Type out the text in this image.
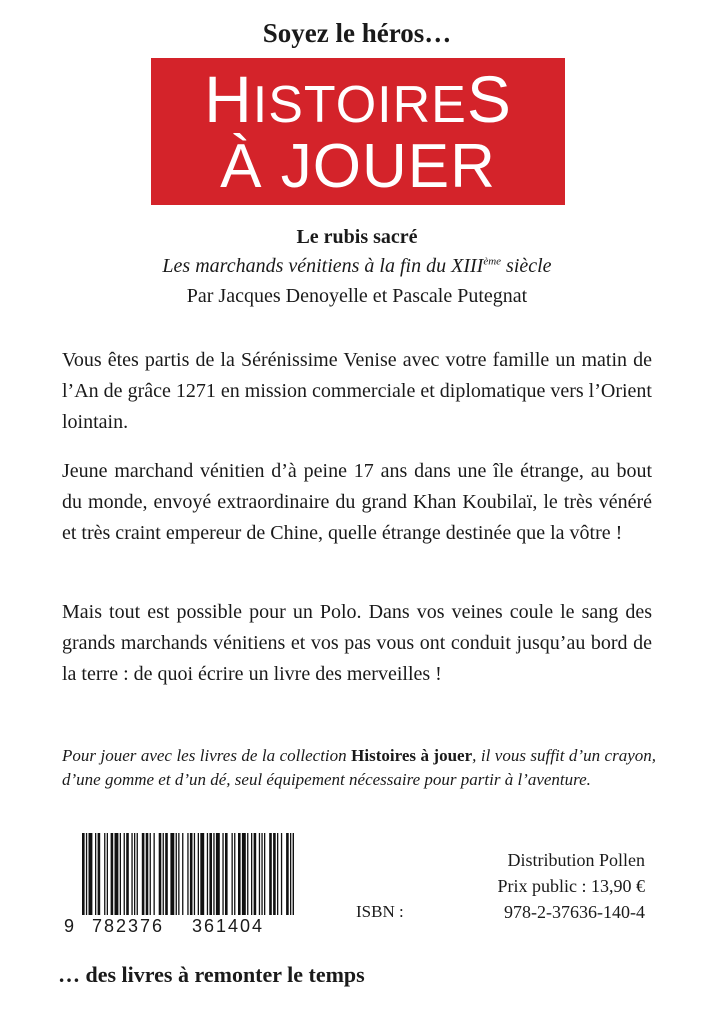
Soyez le héros…
HISTOIRES
À JOUER
Le rubis sacré
Les marchands vénitiens à la fin du XIIIème siècle
Par Jacques Denoyelle et Pascale Putegnat

Vous êtes partis de la Sérénissime Venise avec votre famille un matin de l’An de grâce 1271 en mission commerciale et diplomatique vers l’Orient lointain.

Jeune marchand vénitien d’à peine 17 ans dans une île étrange, au bout du monde, envoyé extraordinaire du grand Khan Koubilaï, le très vénéré et très craint empereur de Chine, quelle étrange destinée que la vôtre !

Mais tout est possible pour un Polo. Dans vos veines coule le sang des grands marchands vénitiens et vos pas vous ont conduit jusqu’au bord de la terre : de quoi écrire un livre des merveilles !

Pour jouer avec les livres de la collection Histoires à jouer, il vous suffit d’un crayon, d’une gomme et d’un dé, seul équipement nécessaire pour partir à l’aventure.

9 782376 361404
ISBN :
Distribution Pollen
Prix public : 13,90 €
978-2-37636-140-4
… des livres à remonter le temps
